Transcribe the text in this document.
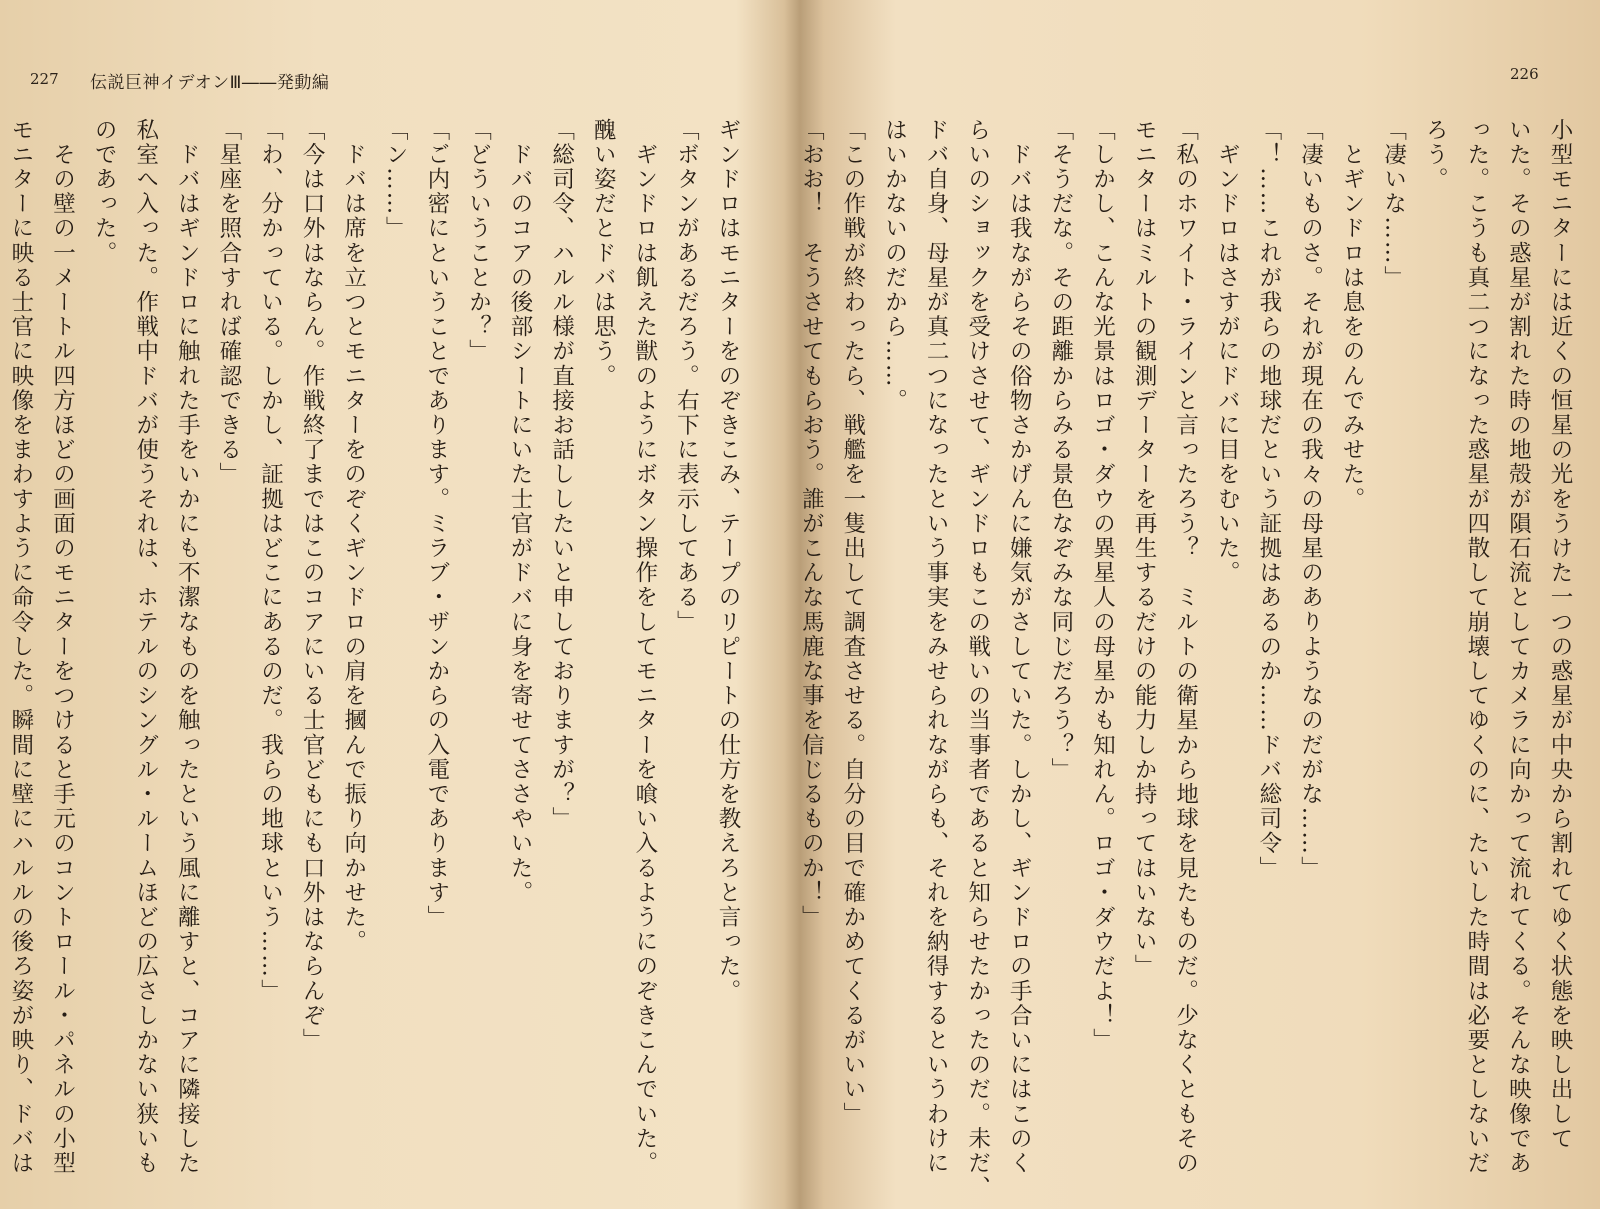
227 伝説巨神イデオンⅢ――発動編

ギンドロはモニターをのぞきこみ、テープのリピートの仕方を教えろと言った。

「ボタンがあるだろう。右下に表示してある」

　ギンドロは飢えた獣のようにボタン操作をしてモニターを喰い入るようにのぞきこんでいた。

醜い姿だとドバは思う。

「総司令、ハルル様が直接お話ししたいと申しておりますが？」

　ドバのコアの後部シートにいた士官がドバに身を寄せてささやいた。

「どういうことか？」

「ご内密にということであります。ミラブ・ザンからの入電であります」

「ン……」

　ドバは席を立つとモニターをのぞくギンドロの肩を摑んで振り向かせた。

「今は口外はならん。作戦終了まではこのコアにいる士官どもにも口外はならんぞ」

「わ、分かっている。しかし、証拠はどこにあるのだ。我らの地球という……」

「星座を照合すれば確認できる」

　ドバはギンドロに触れた手をいかにも不潔なものを触ったという風に離すと、コアに隣接した

私室へ入った。作戦中ドバが使うそれは、ホテルのシングル・ルームほどの広さしかない狭いも

のであった。

　その壁の一メートル四方ほどの画面のモニターをつけると手元のコントロール・パネルの小型

モニターに映る士官に映像をまわすように命令した。瞬間に壁にハルルの後ろ姿が映り、ドバは

226

小型モニターには近くの恒星の光をうけた一つの惑星が中央から割れてゆく状態を映し出して

いた。その惑星が割れた時の地殻が隕石流としてカメラに向かって流れてくる。そんな映像であ

った。こうも真二つになった惑星が四散して崩壊してゆくのに、たいした時間は必要としないだ

ろう。

「凄いな……」

　とギンドロは息をのんでみせた。

「凄いものさ。それが現在の我々の母星のありようなのだがな……」

「！……これが我らの地球だという証拠はあるのか……ドバ総司令」

　ギンドロはさすがにドバに目をむいた。

「私のホワイト・ラインと言ったろう？　ミルトの衛星から地球を見たものだ。少なくともその

モニターはミルトの観測データーを再生するだけの能力しか持ってはいない」

「しかし、こんな光景はロゴ・ダウの異星人の母星かも知れん。ロゴ・ダウだよ！」

「そうだな。その距離からみる景色なぞみな同じだろう？」

　ドバは我ながらその俗物さかげんに嫌気がさしていた。しかし、ギンドロの手合いにはこのく

らいのショックを受けさせて、ギンドロもこの戦いの当事者であると知らせたかったのだ。未だ、

ドバ自身、母星が真二つになったという事実をみせられながらも、それを納得するというわけに

はいかないのだから……。

「この作戦が終わったら、戦艦を一隻出して調査させる。自分の目で確かめてくるがいい」

「おお！　そうさせてもらおう。誰がこんな馬鹿な事を信じるものか！」
